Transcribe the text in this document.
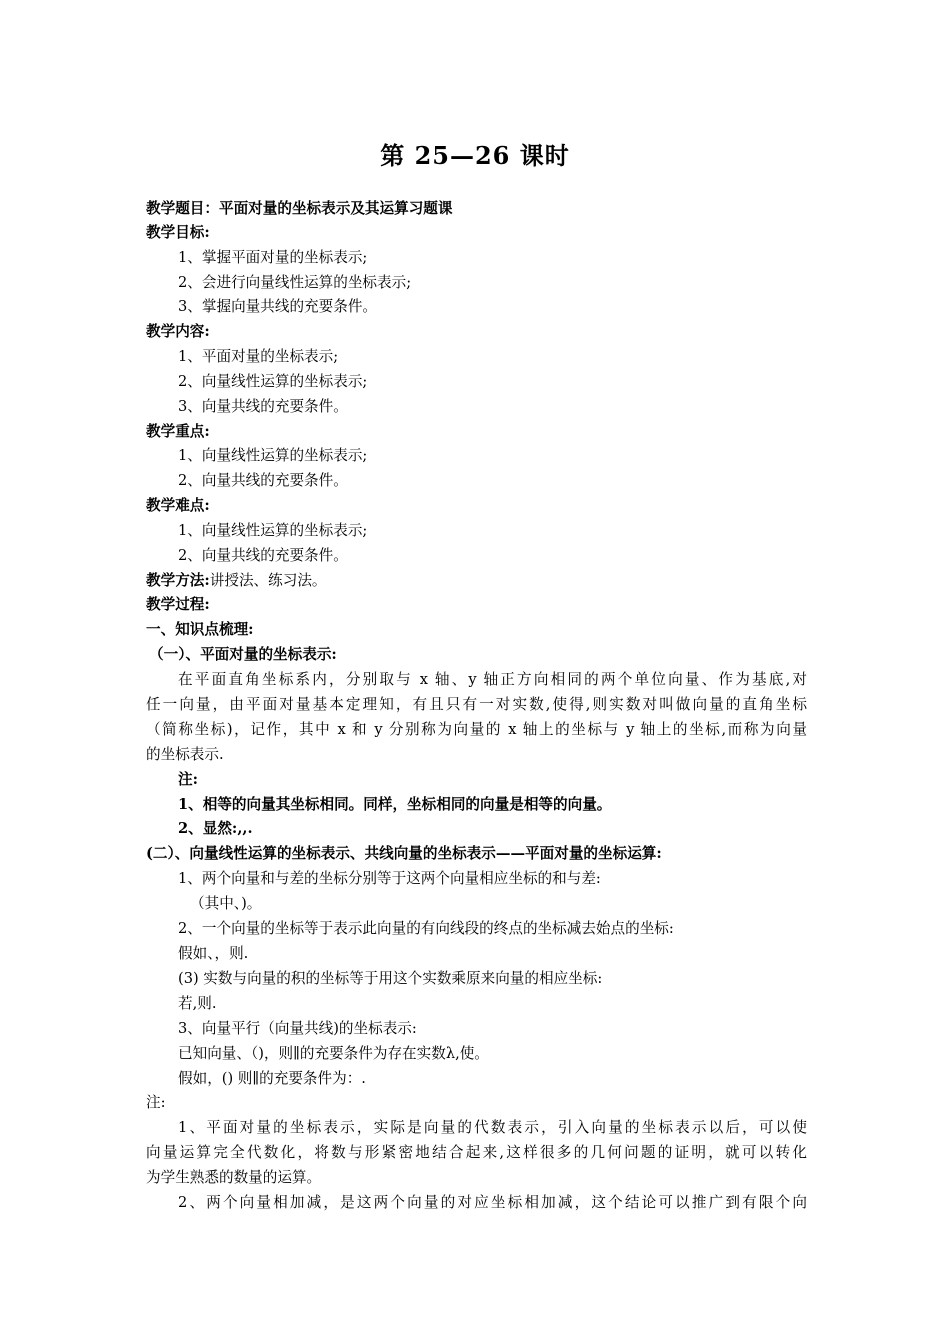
第 25—26 课时
教学题目：平面对量的坐标表示及其运算习题课
教学目标:
1、掌握平面对量的坐标表示;
2、会进行向量线性运算的坐标表示;
3、掌握向量共线的充要条件。
教学内容:
1、平面对量的坐标表示;
2、向量线性运算的坐标表示;
3、向量共线的充要条件。
教学重点:
1、向量线性运算的坐标表示;
2、向量共线的充要条件。
教学难点:
1、向量线性运算的坐标表示;
2、向量共线的充要条件。
教学方法:讲授法、练习法。
教学过程:
一、知识点梳理:
（一）、平面对量的坐标表示:
在平面直角坐标系内，分别取与 x 轴、y 轴正方向相同的两个单位向量、作为基底,对
任一向量，由平面对量基本定理知，有且只有一对实数,使得,则实数对叫做向量的直角坐标
（简称坐标)，记作，其中 x 和 y 分别称为向量的 x 轴上的坐标与 y 轴上的坐标,而称为向量
的坐标表示.
注:
1、相等的向量其坐标相同。同样，坐标相同的向量是相等的向量。
2、显然:,,.
(二）、向量线性运算的坐标表示、共线向量的坐标表示——平面对量的坐标运算:
1、两个向量和与差的坐标分别等于这两个向量相应坐标的和与差:
（其中、)。
2、一个向量的坐标等于表示此向量的有向线段的终点的坐标减去始点的坐标:
假如、，则.
(3) 实数与向量的积的坐标等于用这个实数乘原来向量的相应坐标:
若,则.
3、向量平行（向量共线)的坐标表示:
已知向量、（)，则∥的充要条件为存在实数λ,使。
假如，() 则∥的充要条件为：.
注:
1、平面对量的坐标表示，实际是向量的代数表示，引入向量的坐标表示以后，可以使
向量运算完全代数化，将数与形紧密地结合起来,这样很多的几何问题的证明，就可以转化
为学生熟悉的数量的运算。
2、两个向量相加减，是这两个向量的对应坐标相加减，这个结论可以推广到有限个向
